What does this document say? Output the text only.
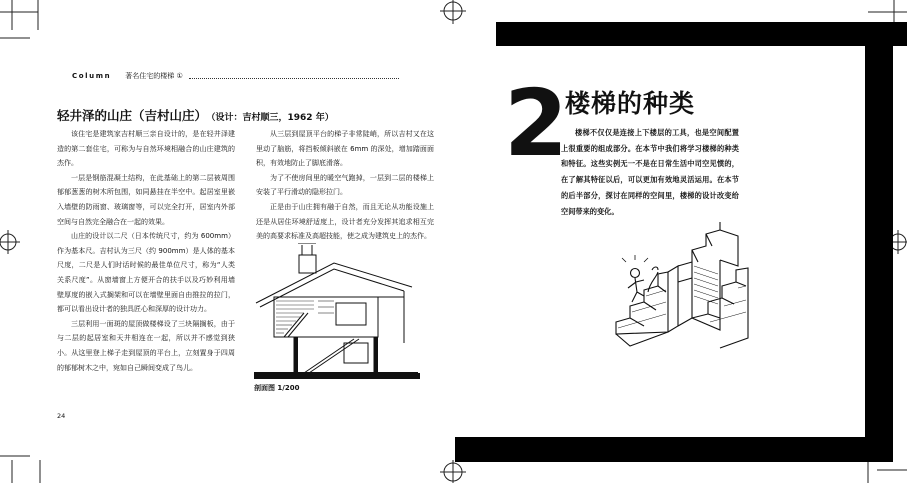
Column 著名住宅的楼梯 ①
轻井泽的山庄（吉村山庄） （设计：吉村顺三，1962 年）

该住宅是建筑家吉村顺三亲自设计的，是在轻井泽建造的第二套住宅，可称为与自然环境相融合的山庄建筑的杰作。

一层是钢筋混凝土结构，在此基础上的第二层被周围郁郁葱葱的树木所包围，如同悬挂在半空中。起居室里嵌入墙壁的防雨窗、玻璃窗等，可以完全打开，居室内外部空间与自然完全融合在一起的效果。

山庄的设计以二尺（日本传统尺寸，约为 600mm）作为基本尺。吉村认为三尺（约 900mm）是人体的基本尺度，二尺是人们时话时候的最佳单位尺寸，称为“人类关系尺度”。从窗墙窗上方便开合的扶手以及巧妙利用墙壁厚度的嵌入式搁架和可以在墙壁里面自由推拉的拉门，都可以看出设计者的独具匠心和深厚的设计功力。

三层利用一面斑的屋顶做楼梯设了三块隔搁板，由于与二层的起居室和天井相连在一起，所以并不感觉到狭小。从这里登上梯子走到屋顶的平台上，立刻置身于四周的郁郁树木之中，宛如自己瞬间变成了鸟儿。

从三层到屋顶平台的梯子非常陡峭，所以吉村又在这里动了脑筋，将挡板倾斜嵌在 6mm 的深处，增加踏面面积，有效地防止了脚底滑落。

为了不使房间里的暖空气跑掉，一层到二层的楼梯上安装了平行滑动的隐形拉门。

正是由于山庄拥有融于自然，而且无论从功能设施上还是从居住环境舒适度上，设计者充分发挥其追求相互完美的高要求标准及高超技能，使之成为建筑史上的杰作。

剖面图 1/200
24
2
楼梯的种类

楼梯不仅仅是连接上下楼层的工具，也是空间配置上很重要的组成部分。在本节中我们将学习楼梯的种类和特征。这些实例无一不是在日常生活中司空见惯的，在了解其特征以后，可以更加有效地灵活运用。在本节的后半部分，探讨在同样的空间里，楼梯的设计改变给空间带来的变化。
